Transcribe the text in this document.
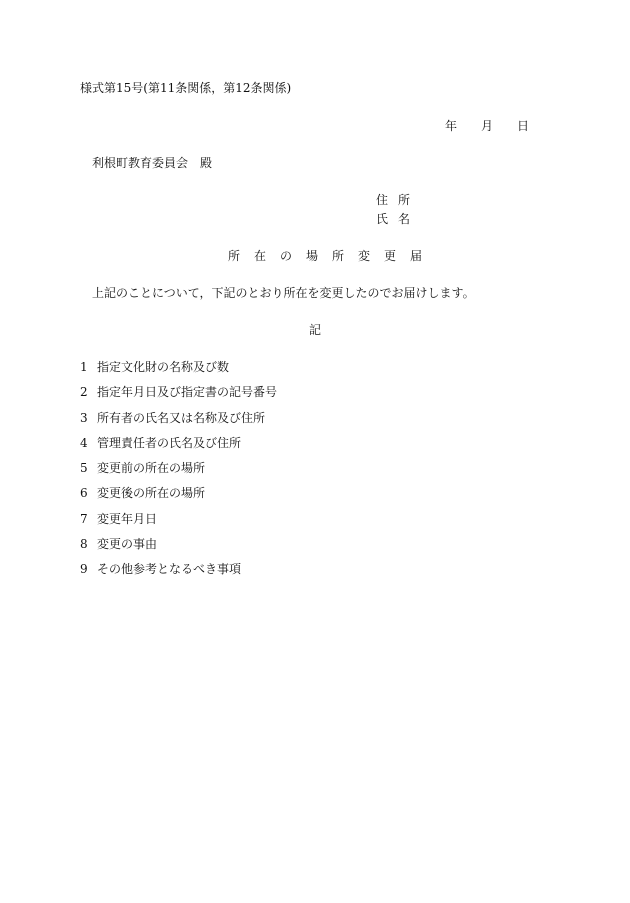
様式第15号(第11条関係，第12条関係)
年 月 日
利根町教育委員会　殿
住所
氏名
所在の場所変更届
上記のことについて，下記のとおり所在を変更したのでお届けします。
記
1 指定文化財の名称及び数
2 指定年月日及び指定書の記号番号
3 所有者の氏名又は名称及び住所
4 管理責任者の氏名及び住所
5 変更前の所在の場所
6 変更後の所在の場所
7 変更年月日
8 変更の事由
9 その他参考となるべき事項
